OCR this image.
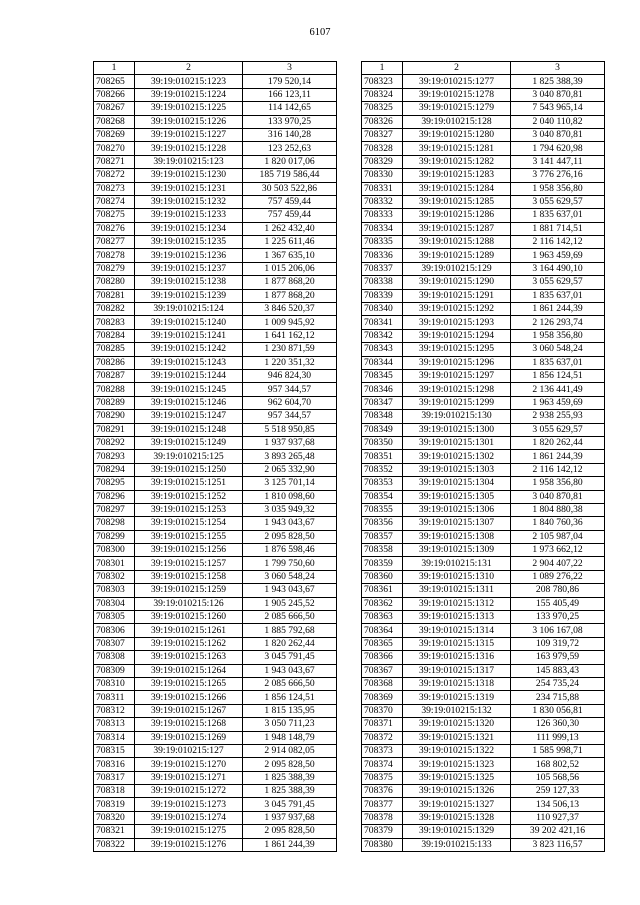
6107
1	2	3
708265	39:19:010215:1223	179 520,14
708266	39:19:010215:1224	166 123,11
708267	39:19:010215:1225	114 142,65
708268	39:19:010215:1226	133 970,25
708269	39:19:010215:1227	316 140,28
708270	39:19:010215:1228	123 252,63
708271	39:19:010215:123	1 820 017,06
708272	39:19:010215:1230	185 719 586,44
708273	39:19:010215:1231	30 503 522,86
708274	39:19:010215:1232	757 459,44
708275	39:19:010215:1233	757 459,44
708276	39:19:010215:1234	1 262 432,40
708277	39:19:010215:1235	1 225 611,46
708278	39:19:010215:1236	1 367 635,10
708279	39:19:010215:1237	1 015 206,06
708280	39:19:010215:1238	1 877 868,20
708281	39:19:010215:1239	1 877 868,20
708282	39:19:010215:124	3 846 520,37
708283	39:19:010215:1240	1 009 945,92
708284	39:19:010215:1241	1 641 162,12
708285	39:19:010215:1242	1 230 871,59
708286	39:19:010215:1243	1 220 351,32
708287	39:19:010215:1244	946 824,30
708288	39:19:010215:1245	957 344,57
708289	39:19:010215:1246	962 604,70
708290	39:19:010215:1247	957 344,57
708291	39:19:010215:1248	5 518 950,85
708292	39:19:010215:1249	1 937 937,68
708293	39:19:010215:125	3 893 265,48
708294	39:19:010215:1250	2 065 332,90
708295	39:19:010215:1251	3 125 701,14
708296	39:19:010215:1252	1 810 098,60
708297	39:19:010215:1253	3 035 949,32
708298	39:19:010215:1254	1 943 043,67
708299	39:19:010215:1255	2 095 828,50
708300	39:19:010215:1256	1 876 598,46
708301	39:19:010215:1257	1 799 750,60
708302	39:19:010215:1258	3 060 548,24
708303	39:19:010215:1259	1 943 043,67
708304	39:19:010215:126	1 905 245,52
708305	39:19:010215:1260	2 085 666,50
708306	39:19:010215:1261	1 885 792,68
708307	39:19:010215:1262	1 820 262,44
708308	39:19:010215:1263	3 045 791,45
708309	39:19:010215:1264	1 943 043,67
708310	39:19:010215:1265	2 085 666,50
708311	39:19:010215:1266	1 856 124,51
708312	39:19:010215:1267	1 815 135,95
708313	39:19:010215:1268	3 050 711,23
708314	39:19:010215:1269	1 948 148,79
708315	39:19:010215:127	2 914 082,05
708316	39:19:010215:1270	2 095 828,50
708317	39:19:010215:1271	1 825 388,39
708318	39:19:010215:1272	1 825 388,39
708319	39:19:010215:1273	3 045 791,45
708320	39:19:010215:1274	1 937 937,68
708321	39:19:010215:1275	2 095 828,50
708322	39:19:010215:1276	1 861 244,39
1	2	3
708323	39:19:010215:1277	1 825 388,39
708324	39:19:010215:1278	3 040 870,81
708325	39:19:010215:1279	7 543 965,14
708326	39:19:010215:128	2 040 110,82
708327	39:19:010215:1280	3 040 870,81
708328	39:19:010215:1281	1 794 620,98
708329	39:19:010215:1282	3 141 447,11
708330	39:19:010215:1283	3 776 276,16
708331	39:19:010215:1284	1 958 356,80
708332	39:19:010215:1285	3 055 629,57
708333	39:19:010215:1286	1 835 637,01
708334	39:19:010215:1287	1 881 714,51
708335	39:19:010215:1288	2 116 142,12
708336	39:19:010215:1289	1 963 459,69
708337	39:19:010215:129	3 164 490,10
708338	39:19:010215:1290	3 055 629,57
708339	39:19:010215:1291	1 835 637,01
708340	39:19:010215:1292	1 861 244,39
708341	39:19:010215:1293	2 126 293,74
708342	39:19:010215:1294	1 958 356,80
708343	39:19:010215:1295	3 060 548,24
708344	39:19:010215:1296	1 835 637,01
708345	39:19:010215:1297	1 856 124,51
708346	39:19:010215:1298	2 136 441,49
708347	39:19:010215:1299	1 963 459,69
708348	39:19:010215:130	2 938 255,93
708349	39:19:010215:1300	3 055 629,57
708350	39:19:010215:1301	1 820 262,44
708351	39:19:010215:1302	1 861 244,39
708352	39:19:010215:1303	2 116 142,12
708353	39:19:010215:1304	1 958 356,80
708354	39:19:010215:1305	3 040 870,81
708355	39:19:010215:1306	1 804 880,38
708356	39:19:010215:1307	1 840 760,36
708357	39:19:010215:1308	2 105 987,04
708358	39:19:010215:1309	1 973 662,12
708359	39:19:010215:131	2 904 407,22
708360	39:19:010215:1310	1 089 276,22
708361	39:19:010215:1311	208 780,86
708362	39:19:010215:1312	155 405,49
708363	39:19:010215:1313	133 970,25
708364	39:19:010215:1314	3 106 167,08
708365	39:19:010215:1315	109 319,72
708366	39:19:010215:1316	163 979,59
708367	39:19:010215:1317	145 883,43
708368	39:19:010215:1318	254 735,24
708369	39:19:010215:1319	234 715,88
708370	39:19:010215:132	1 830 056,81
708371	39:19:010215:1320	126 360,30
708372	39:19:010215:1321	111 999,13
708373	39:19:010215:1322	1 585 998,71
708374	39:19:010215:1323	168 802,52
708375	39:19:010215:1325	105 568,56
708376	39:19:010215:1326	259 127,33
708377	39:19:010215:1327	134 506,13
708378	39:19:010215:1328	110 927,37
708379	39:19:010215:1329	39 202 421,16
708380	39:19:010215:133	3 823 116,57
